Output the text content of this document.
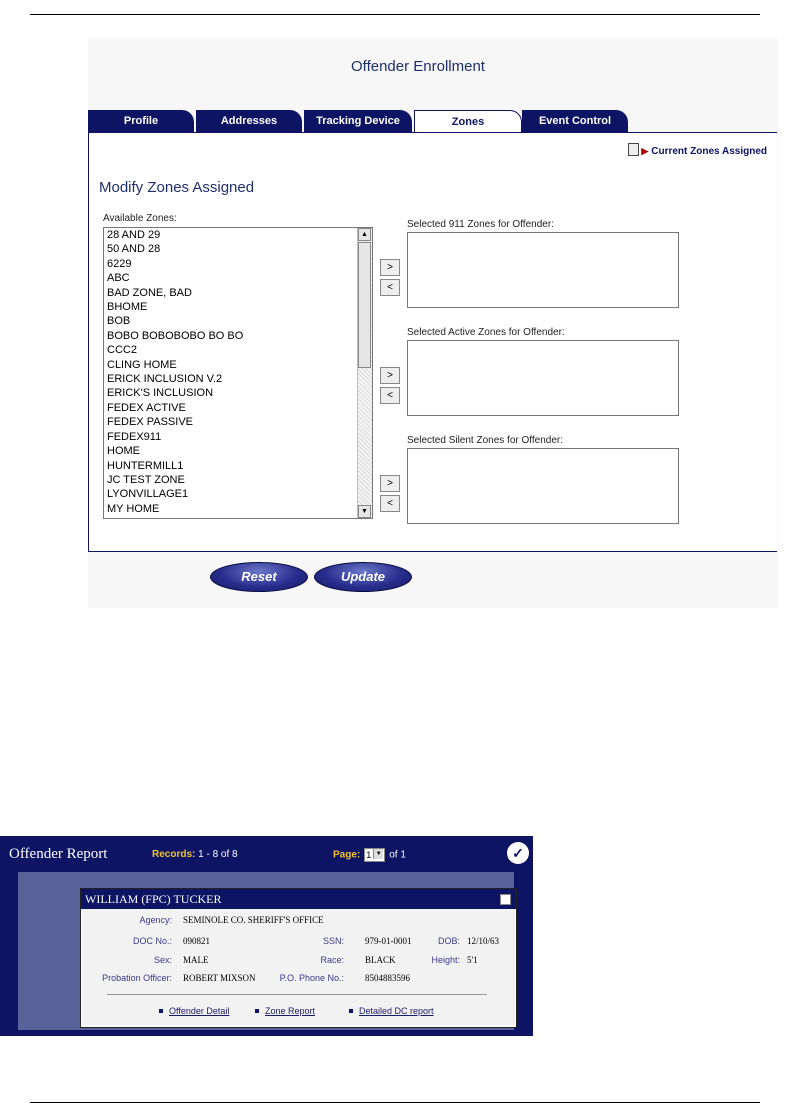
Offender Enrollment
Profile	Addresses	Tracking Device	Zones	Event Control
▶ Current Zones Assigned
Modify Zones Assigned
Available Zones:
28 AND 29
50 AND 28
6229
ABC
BAD ZONE, BAD
BHOME
BOB
BOBO BOBOBOBO BO BO
CCC2
CLING HOME
ERICK INCLUSION V.2
ERICK'S INCLUSION
FEDEX ACTIVE
FEDEX PASSIVE
FEDEX911
HOME
HUNTERMILL1
JC TEST ZONE
LYONVILLAGE1
MY HOME
▲
▼
Selected 911 Zones for Offender:
>
<
Selected Active Zones for Offender:
>
<
Selected Silent Zones for Offender:
>
<
Reset	Update
Offender Report	Records: 1 - 8 of 8	Page: 1 ▼ of 1	✓
WILLIAM (FPC) TUCKER
Agency: SEMINOLE CO. SHERIFF'S OFFICE
DOC No.: 090821	SSN: 979-01-0001	DOB: 12/10/63
Sex: MALE	Race: BLACK	Height: 5'1
Probation Officer: ROBERT MIXSON	P.O. Phone No.: 8504883596
Offender Detail	Zone Report	Detailed DC report
